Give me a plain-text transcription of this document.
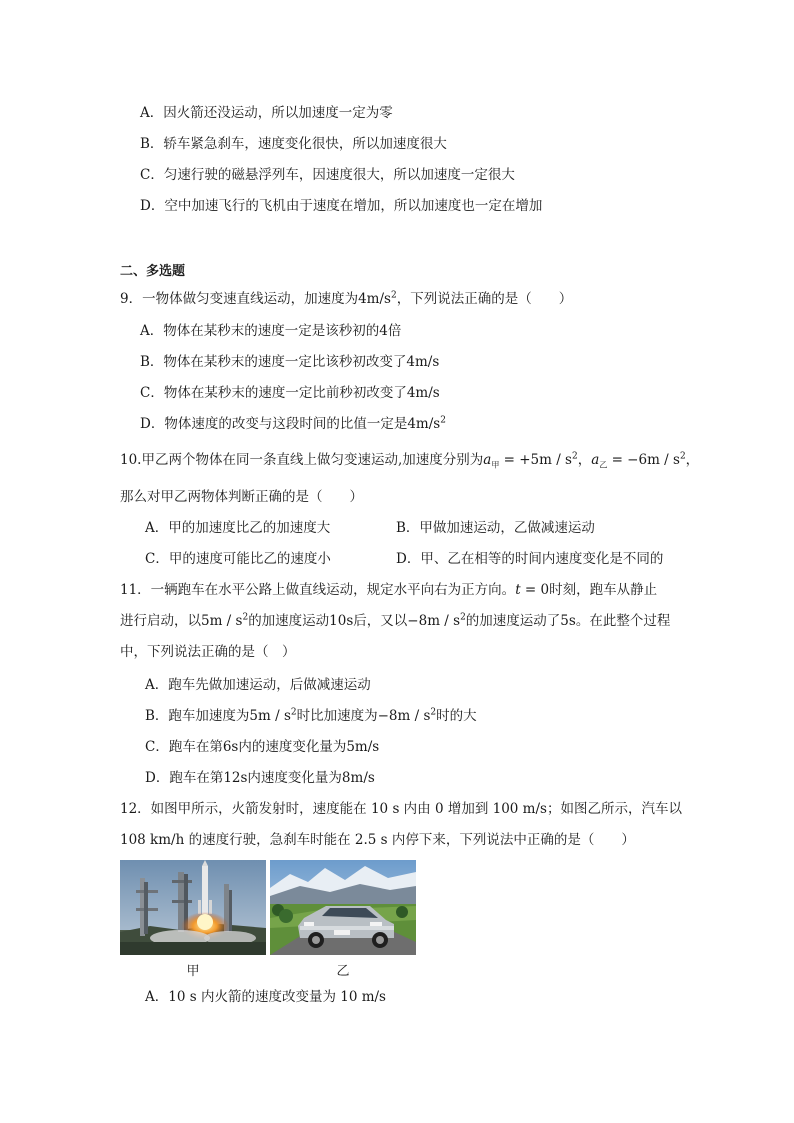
A．因火箭还没运动，所以加速度一定为零
B．轿车紧急刹车，速度变化很快，所以加速度很大
C．匀速行驶的磁悬浮列车，因速度很大，所以加速度一定很大
D．空中加速飞行的飞机由于速度在增加，所以加速度也一定在增加
二、多选题
9．一物体做匀变速直线运动，加速度为$4m/s^2$，下列说法正确的是（　　）
A．物体在某秒末的速度一定是该秒初的4倍
B．物体在某秒末的速度一定比该秒初改变了4m/s
C．物体在某秒末的速度一定比前秒初改变了4m/s
D．物体速度的改变与这段时间的比值一定是$4m/s^2$
10.甲乙两个物体在同一条直线上做匀变速运动,加速度分别为$a_甲 = +5m / s^2$，$a_乙 = -6m / s^2$，
那么对甲乙两物体判断正确的是（　　）
A．甲的加速度比乙的加速度大	B．甲做加速运动，乙做减速运动
C．甲的速度可能比乙的速度小	D．甲、乙在相等的时间内速度变化是不同的
11．一辆跑车在水平公路上做直线运动，规定水平向右为正方向。t = 0时刻，跑车从静止
进行启动，以$5m / s^2$的加速度运动10s后，又以$-8m / s^2$的加速度运动了5s。在此整个过程
中，下列说法正确的是（　）
A．跑车先做加速运动，后做减速运动
B．跑车加速度为$5m / s^2$时比加速度为$-8m / s^2$时的大
C．跑车在第6s内的速度变化量为5m/s
D．跑车在第12s内速度变化量为8m/s
12．如图甲所示，火箭发射时，速度能在 10 s 内由 0 增加到 100 m/s；如图乙所示，汽车以
108 km/h 的速度行驶，急刹车时能在 2.5 s 内停下来，下列说法中正确的是（　　）
甲	乙
A．10 s 内火箭的速度改变量为 10 m/s
